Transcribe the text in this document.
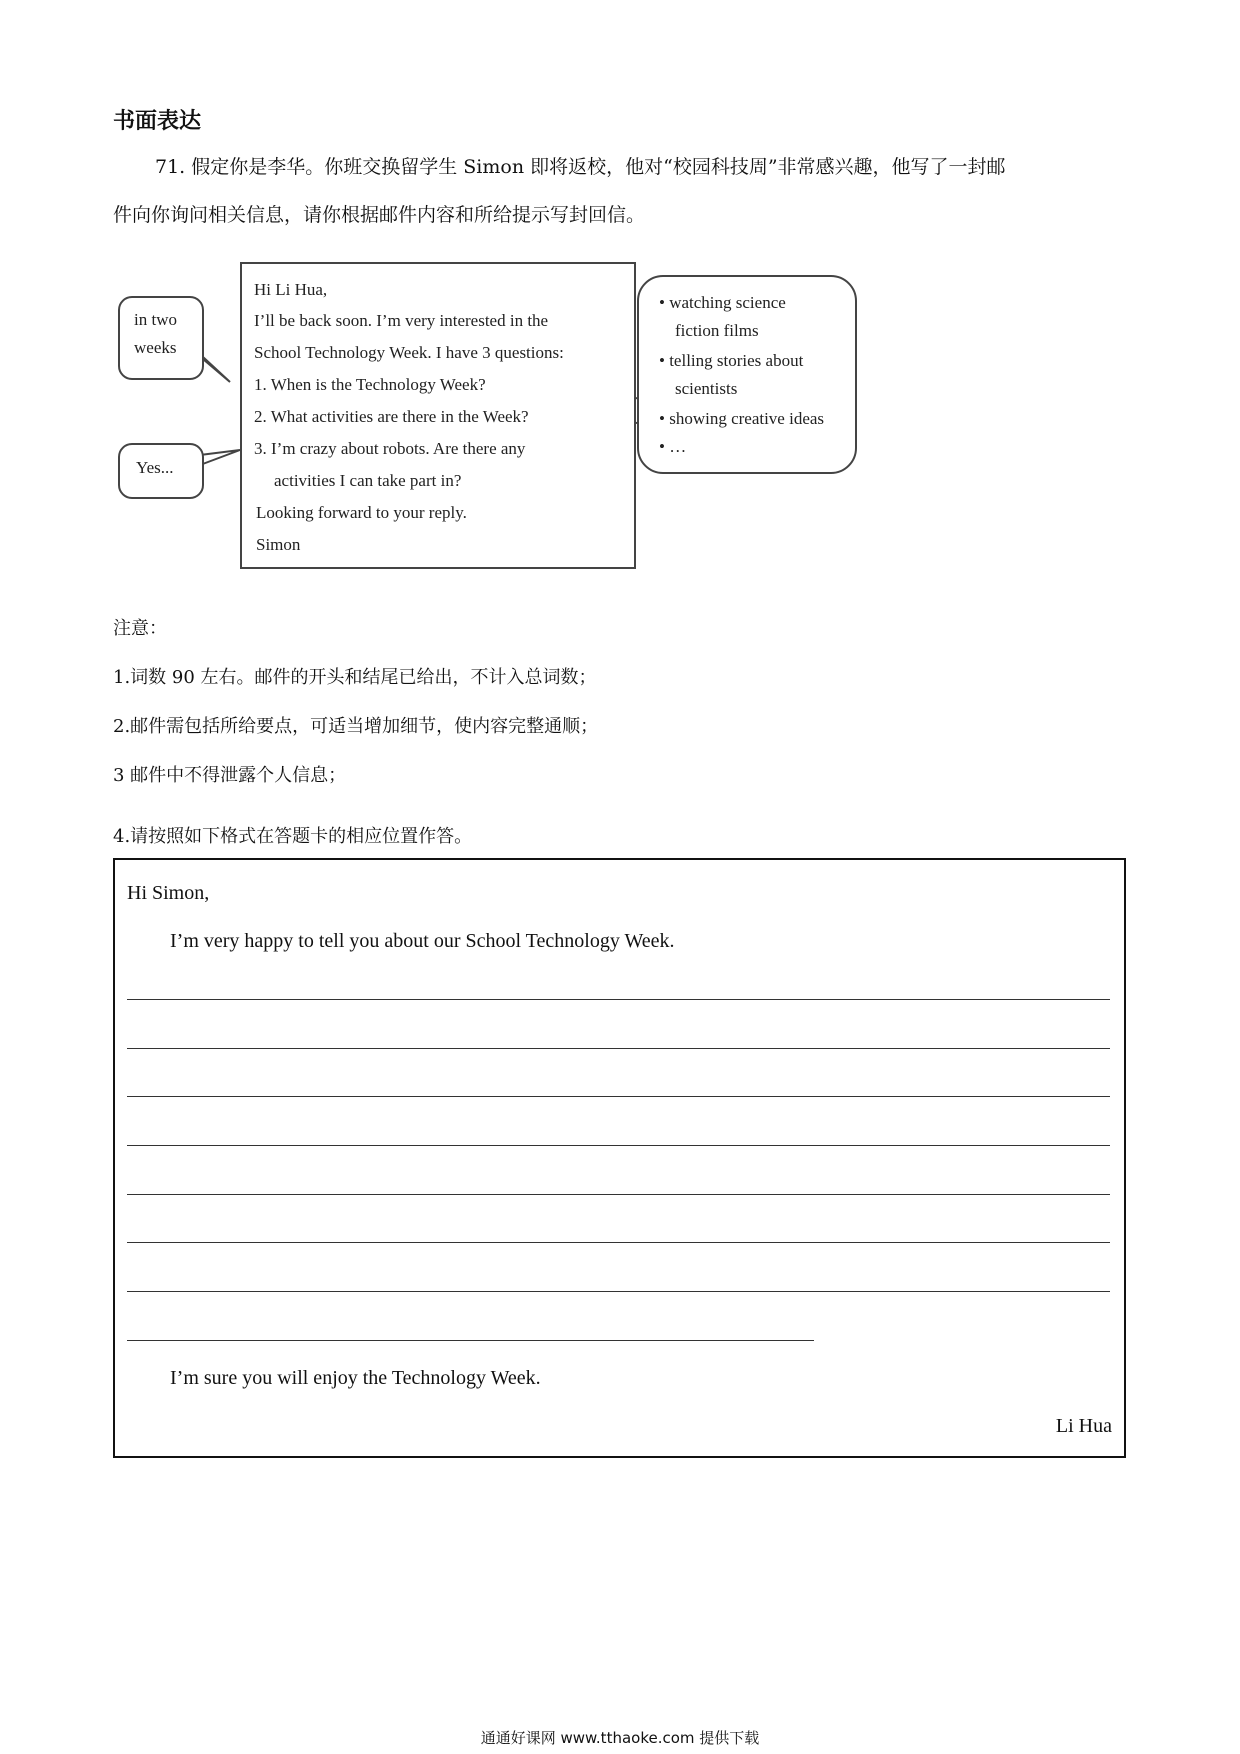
书面表达
71. 假定你是李华。你班交换留学生 Simon 即将返校，他对“校园科技周”非常感兴趣，他写了一封邮
件向你询问相关信息，请你根据邮件内容和所给提示写封回信。
in two
weeks
Yes...
Hi Li Hua,
I’ll be back soon. I’m very interested in the
School Technology Week. I have 3 questions:
1. When is the Technology Week?
2. What activities are there in the Week?
3. I’m crazy about robots. Are there any
activities I can take part in?
Looking forward to your reply.
Simon
• watching science
fiction films
• telling stories about
scientists
• showing creative ideas
• …
注意：
1.词数 90 左右。邮件的开头和结尾已给出，不计入总词数；
2.邮件需包括所给要点，可适当增加细节，使内容完整通顺；
3 邮件中不得泄露个人信息；
4.请按照如下格式在答题卡的相应位置作答。
Hi Simon,
I’m very happy to tell you about our School Technology Week.
I’m sure you will enjoy the Technology Week.
Li Hua
通通好课网 www.tthaoke.com 提供下载
